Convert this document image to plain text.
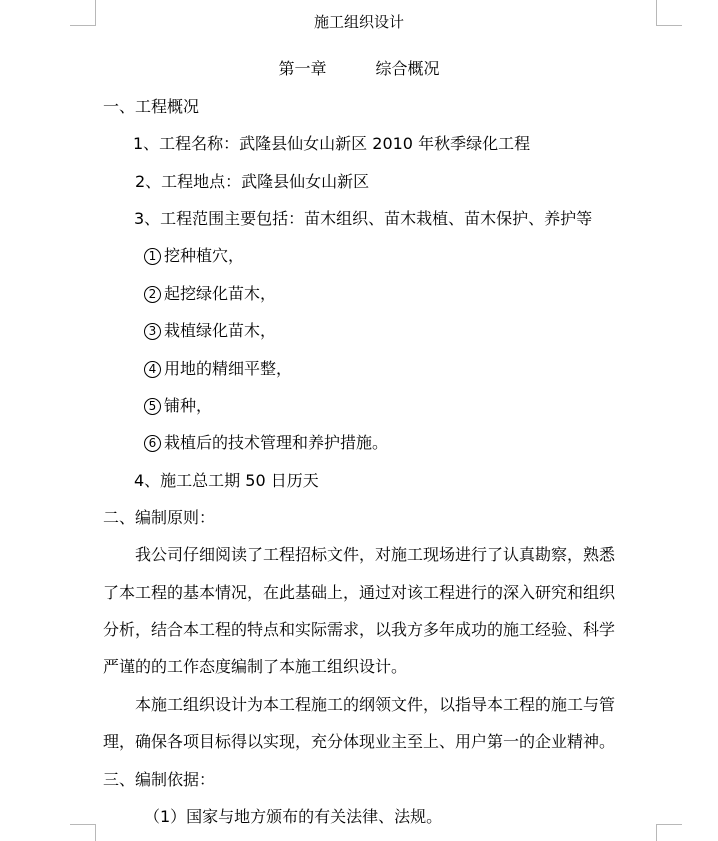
施工组织设计
第一章	综合概况
一、工程概况
1、工程名称：武隆县仙女山新区 2010 年秋季绿化工程
2、工程地点：武隆县仙女山新区
3、工程范围主要包括：苗木组织、苗木栽植、苗木保护、养护等
1 挖种植穴，
2 起挖绿化苗木，
3 栽植绿化苗木，
4 用地的精细平整，
5 铺种，
6 栽植后的技术管理和养护措施。
4、施工总工期 50 日历天
二、编制原则：
我公司仔细阅读了工程招标文件，对施工现场进行了认真勘察，熟悉
了本工程的基本情况，在此基础上，通过对该工程进行的深入研究和组织
分析，结合本工程的特点和实际需求，以我方多年成功的施工经验、科学
严谨的的工作态度编制了本施工组织设计。
本施工组织设计为本工程施工的纲领文件，以指导本工程的施工与管
理，确保各项目标得以实现，充分体现业主至上、用户第一的企业精神。
三、编制依据：
（1）国家与地方颁布的有关法律、法规。
